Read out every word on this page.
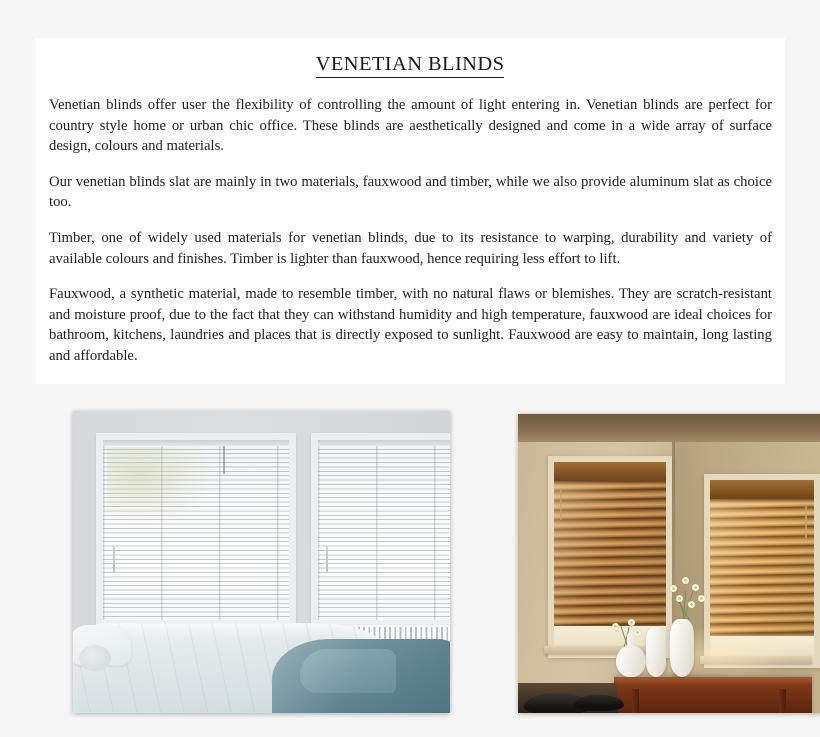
VENETIAN BLINDS

Venetian blinds offer user the flexibility of controlling the amount of light entering in. Venetian blinds are perfect for country style home or urban chic office. These blinds are aesthetically designed and come in a wide array of surface design, colours and materials.

Our venetian blinds slat are mainly in two materials, fauxwood and timber, while we also provide aluminum slat as choice too.

Timber, one of widely used materials for venetian blinds, due to its resistance to warping, durability and variety of available colours and finishes. Timber is lighter than fauxwood, hence requiring less effort to lift.

Fauxwood, a synthetic material, made to resemble timber, with no natural flaws or blemishes. They are scratch-resistant and moisture proof, due to the fact that they can withstand humidity and high temperature, fauxwood are ideal choices for bathroom, kitchens, laundries and places that is directly exposed to sunlight. Fauxwood are easy to maintain, long lasting and affordable.
